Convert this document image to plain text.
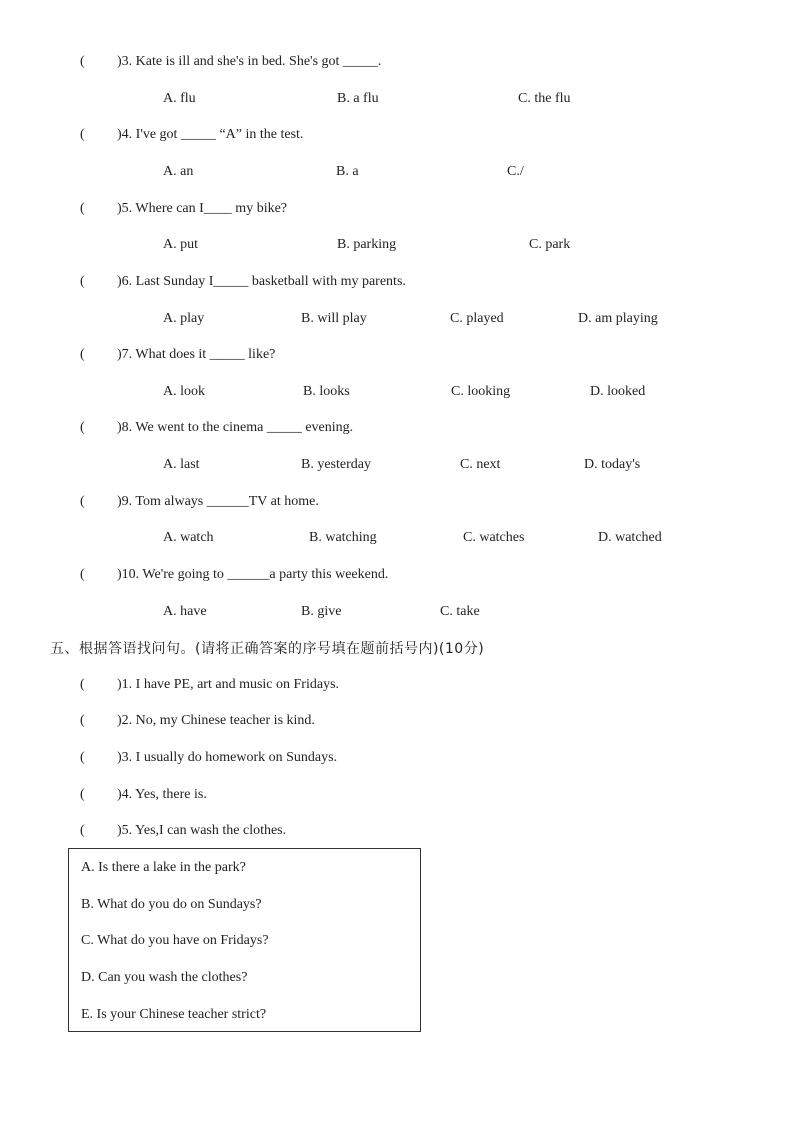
( )3. Kate is ill and she's in bed. She's got _____.
A. flu	B. a flu	C. the flu
( )4. I've got _____ “A” in the test.
A. an	B. a	C./
( )5. Where can I____ my bike?
A. put	B. parking	C. park
( )6. Last Sunday I_____ basketball with my parents.
A. play	B. will play	C. played	D. am playing
( )7. What does it _____ like?
A. look	B. looks	C. looking	D. looked
( )8. We went to the cinema _____ evening.
A. last	B. yesterday	C. next	D. today's
( )9. Tom always ______TV at home.
A. watch	B. watching	C. watches	D. watched
( )10. We're going to ______a party this weekend.
A. have	B. give	C. take
五、根据答语找问句。(请将正确答案的序号填在题前括号内)(10分)
( )1. I have PE, art and music on Fridays.
( )2. No, my Chinese teacher is kind.
( )3. I usually do homework on Sundays.
( )4. Yes, there is.
( )5. Yes,I can wash the clothes.
A. Is there a lake in the park?
B. What do you do on Sundays?
C. What do you have on Fridays?
D. Can you wash the clothes?
E. Is your Chinese teacher strict?
